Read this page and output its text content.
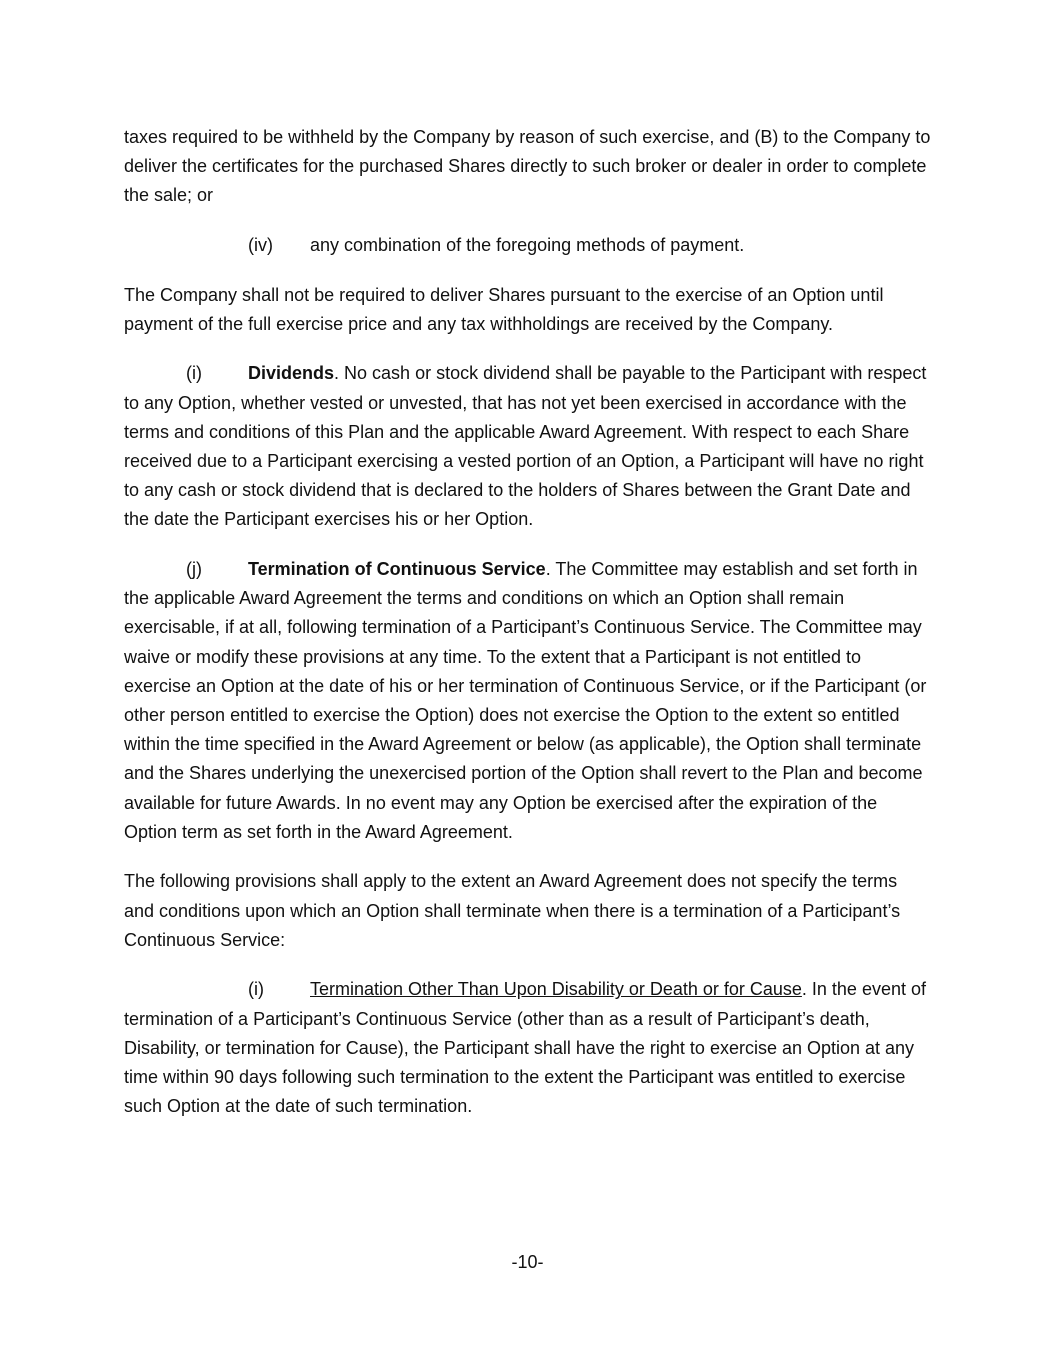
taxes required to be withheld by the Company by reason of such exercise, and (B) to the Company to deliver the certificates for the purchased Shares directly to such broker or dealer in order to complete the sale; or

(iv) any combination of the foregoing methods of payment.

The Company shall not be required to deliver Shares pursuant to the exercise of an Option until payment of the full exercise price and any tax withholdings are received by the Company.

(i)	Dividends. No cash or stock dividend shall be payable to the Participant with respect to any Option, whether vested or unvested, that has not yet been exercised in accordance with the terms and conditions of this Plan and the applicable Award Agreement. With respect to each Share received due to a Participant exercising a vested portion of an Option, a Participant will have no right to any cash or stock dividend that is declared to the holders of Shares between the Grant Date and the date the Participant exercises his or her Option.

(j)	Termination of Continuous Service. The Committee may establish and set forth in the applicable Award Agreement the terms and conditions on which an Option shall remain exercisable, if at all, following termination of a Participant’s Continuous Service. The Committee may waive or modify these provisions at any time. To the extent that a Participant is not entitled to exercise an Option at the date of his or her termination of Continuous Service, or if the Participant (or other person entitled to exercise the Option) does not exercise the Option to the extent so entitled within the time specified in the Award Agreement or below (as applicable), the Option shall terminate and the Shares underlying the unexercised portion of the Option shall revert to the Plan and become available for future Awards. In no event may any Option be exercised after the expiration of the Option term as set forth in the Award Agreement.

The following provisions shall apply to the extent an Award Agreement does not specify the terms and conditions upon which an Option shall terminate when there is a termination of a Participant’s Continuous Service:

(i)	Termination Other Than Upon Disability or Death or for Cause. In the event of termination of a Participant’s Continuous Service (other than as a result of Participant’s death, Disability, or termination for Cause), the Participant shall have the right to exercise an Option at any time within 90 days following such termination to the extent the Participant was entitled to exercise such Option at the date of such termination.

-10-
